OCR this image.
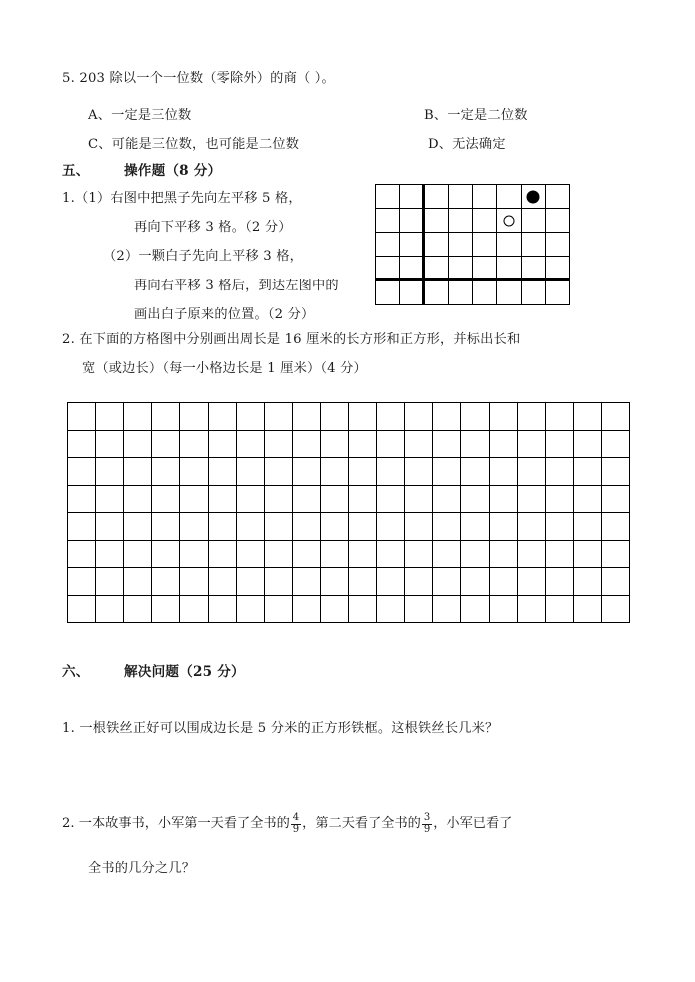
5. 203 除以一个一位数（零除外）的商（ ）。
A、一定是三位数	B、一定是二位数
C、可能是三位数，也可能是二位数	D、无法确定
五、	操作题（8 分）
1.（1）右图中把黑子先向左平移 5 格，
再向下平移 3 格。（2 分）
（2）一颗白子先向上平移 3 格，
再向右平移 3 格后，到达左图中的
画出白子原来的位置。（2 分）
2. 在下面的方格图中分别画出周长是 16 厘米的长方形和正方形，并标出长和
宽（或边长）（每一小格边长是 1 厘米）（4 分）
六、	解决问题（25 分）
1. 一根铁丝正好可以围成边长是 5 分米的正方形铁框。这根铁丝长几米？
2. 一本故事书，小军第一天看了全书的 $\frac{4}{9}$ ，第二天看了全书的 $\frac{3}{9}$ ，小军已看了
全书的几分之几？
